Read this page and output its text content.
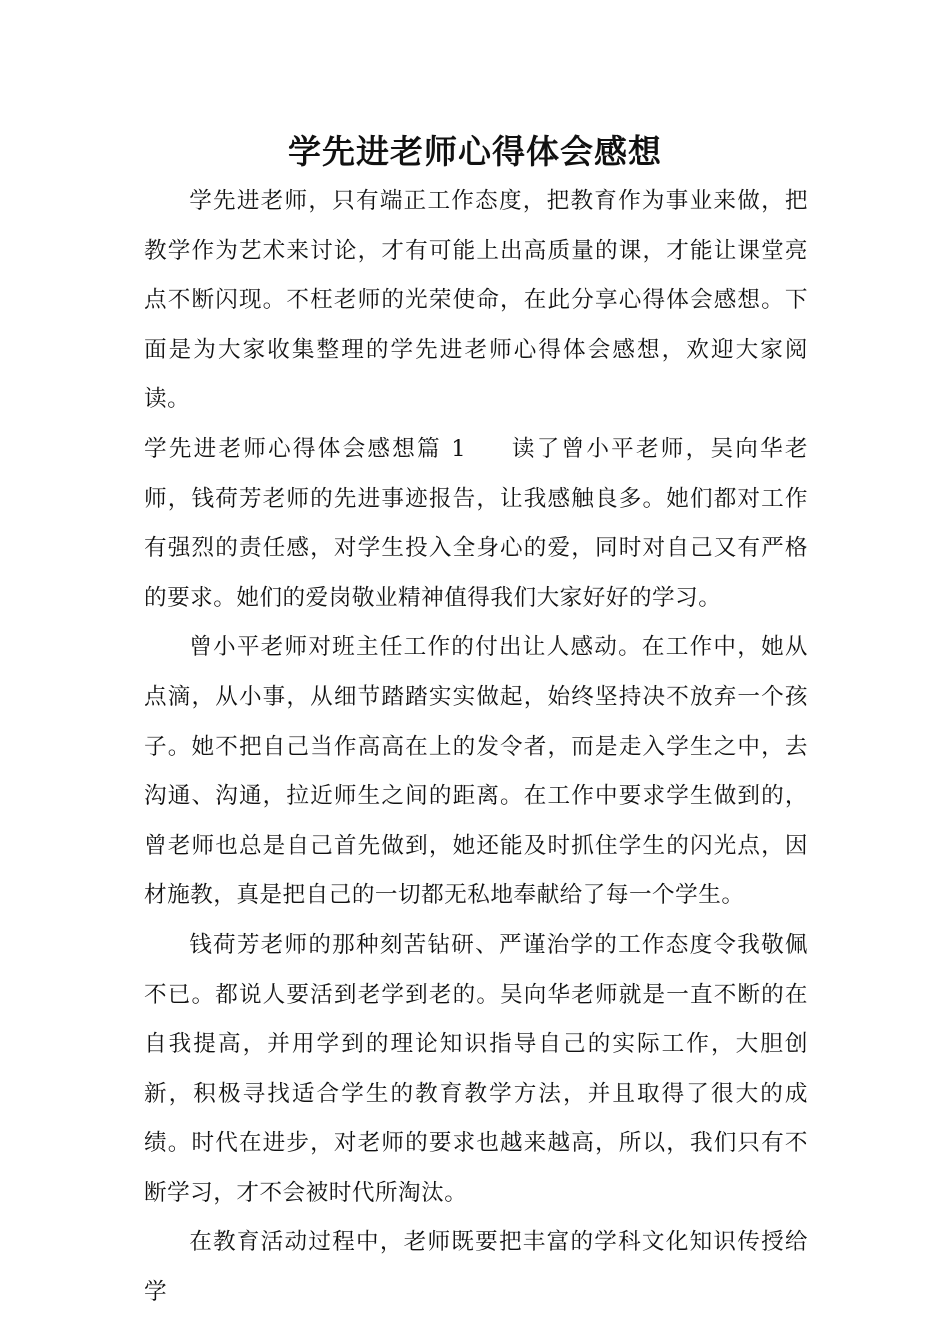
学先进老师心得体会感想

学先进老师，只有端正工作态度，把教育作为事业来做，把教学作为艺术来讨论，才有可能上出高质量的课，才能让课堂亮点不断闪现。不枉老师的光荣使命，在此分享心得体会感想。下面是为大家收集整理的学先进老师心得体会感想，欢迎大家阅读。

学先进老师心得体会感想篇 1 读了曾小平老师，吴向华老师，钱荷芳老师的先进事迹报告，让我感触良多。她们都对工作有强烈的责任感，对学生投入全身心的爱，同时对自己又有严格的要求。她们的爱岗敬业精神值得我们大家好好的学习。

曾小平老师对班主任工作的付出让人感动。在工作中，她从点滴，从小事，从细节踏踏实实做起，始终坚持决不放弃一个孩子。她不把自己当作高高在上的发令者，而是走入学生之中，去沟通、沟通，拉近师生之间的距离。在工作中要求学生做到的，曾老师也总是自己首先做到，她还能及时抓住学生的闪光点，因材施教，真是把自己的一切都无私地奉献给了每一个学生。

钱荷芳老师的那种刻苦钻研、严谨治学的工作态度令我敬佩不已。都说人要活到老学到老的。吴向华老师就是一直不断的在自我提高，并用学到的理论知识指导自己的实际工作，大胆创新，积极寻找适合学生的教育教学方法，并且取得了很大的成绩。时代在进步，对老师的要求也越来越高，所以，我们只有不断学习，才不会被时代所淘汰。

在教育活动过程中，老师既要把丰富的学科文化知识传授给学
